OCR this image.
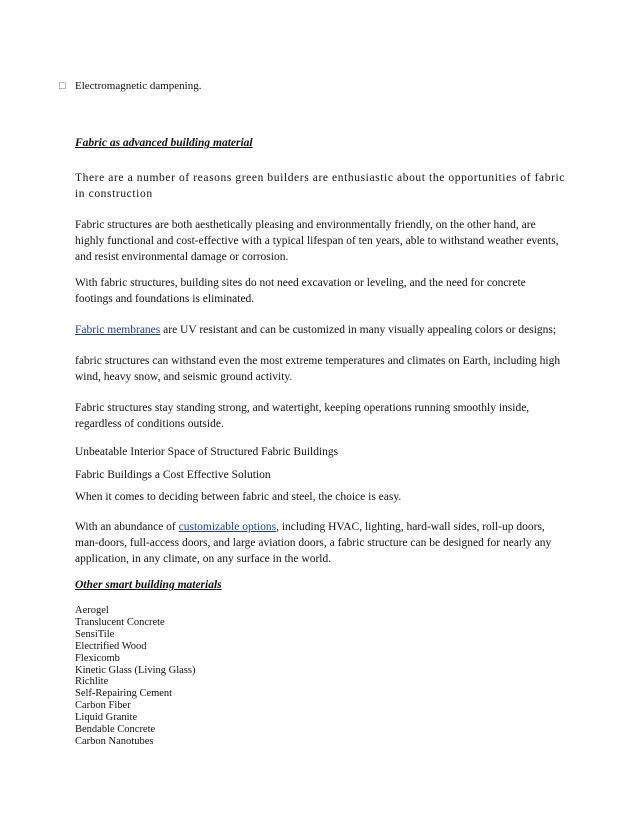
□ Electromagnetic dampening.

Fabric as advanced building material

There are a number of reasons green builders are enthusiastic about the opportunities of fabric in construction

Fabric structures are both aesthetically pleasing and environmentally friendly, on the other hand, are highly functional and cost-effective with a typical lifespan of ten years, able to withstand weather events, and resist environmental damage or corrosion.

With fabric structures, building sites do not need excavation or leveling, and the need for concrete footings and foundations is eliminated.

Fabric membranes are UV resistant and can be customized in many visually appealing colors or designs;

fabric structures can withstand even the most extreme temperatures and climates on Earth, including high wind, heavy snow, and seismic ground activity.

Fabric structures stay standing strong, and watertight, keeping operations running smoothly inside, regardless of conditions outside.

Unbeatable Interior Space of Structured Fabric Buildings

Fabric Buildings a Cost Effective Solution

When it comes to deciding between fabric and steel, the choice is easy.

With an abundance of customizable options, including HVAC, lighting, hard-wall sides, roll-up doors, man-doors, full-access doors, and large aviation doors, a fabric structure can be designed for nearly any application, in any climate, on any surface in the world.

Other smart building materials

Aerogel
Translucent Concrete
SensiTile
Electrified Wood
Flexicomb
Kinetic Glass (Living Glass)
Richlite
Self-Repairing Cement
Carbon Fiber
Liquid Granite
Bendable Concrete
Carbon Nanotubes
